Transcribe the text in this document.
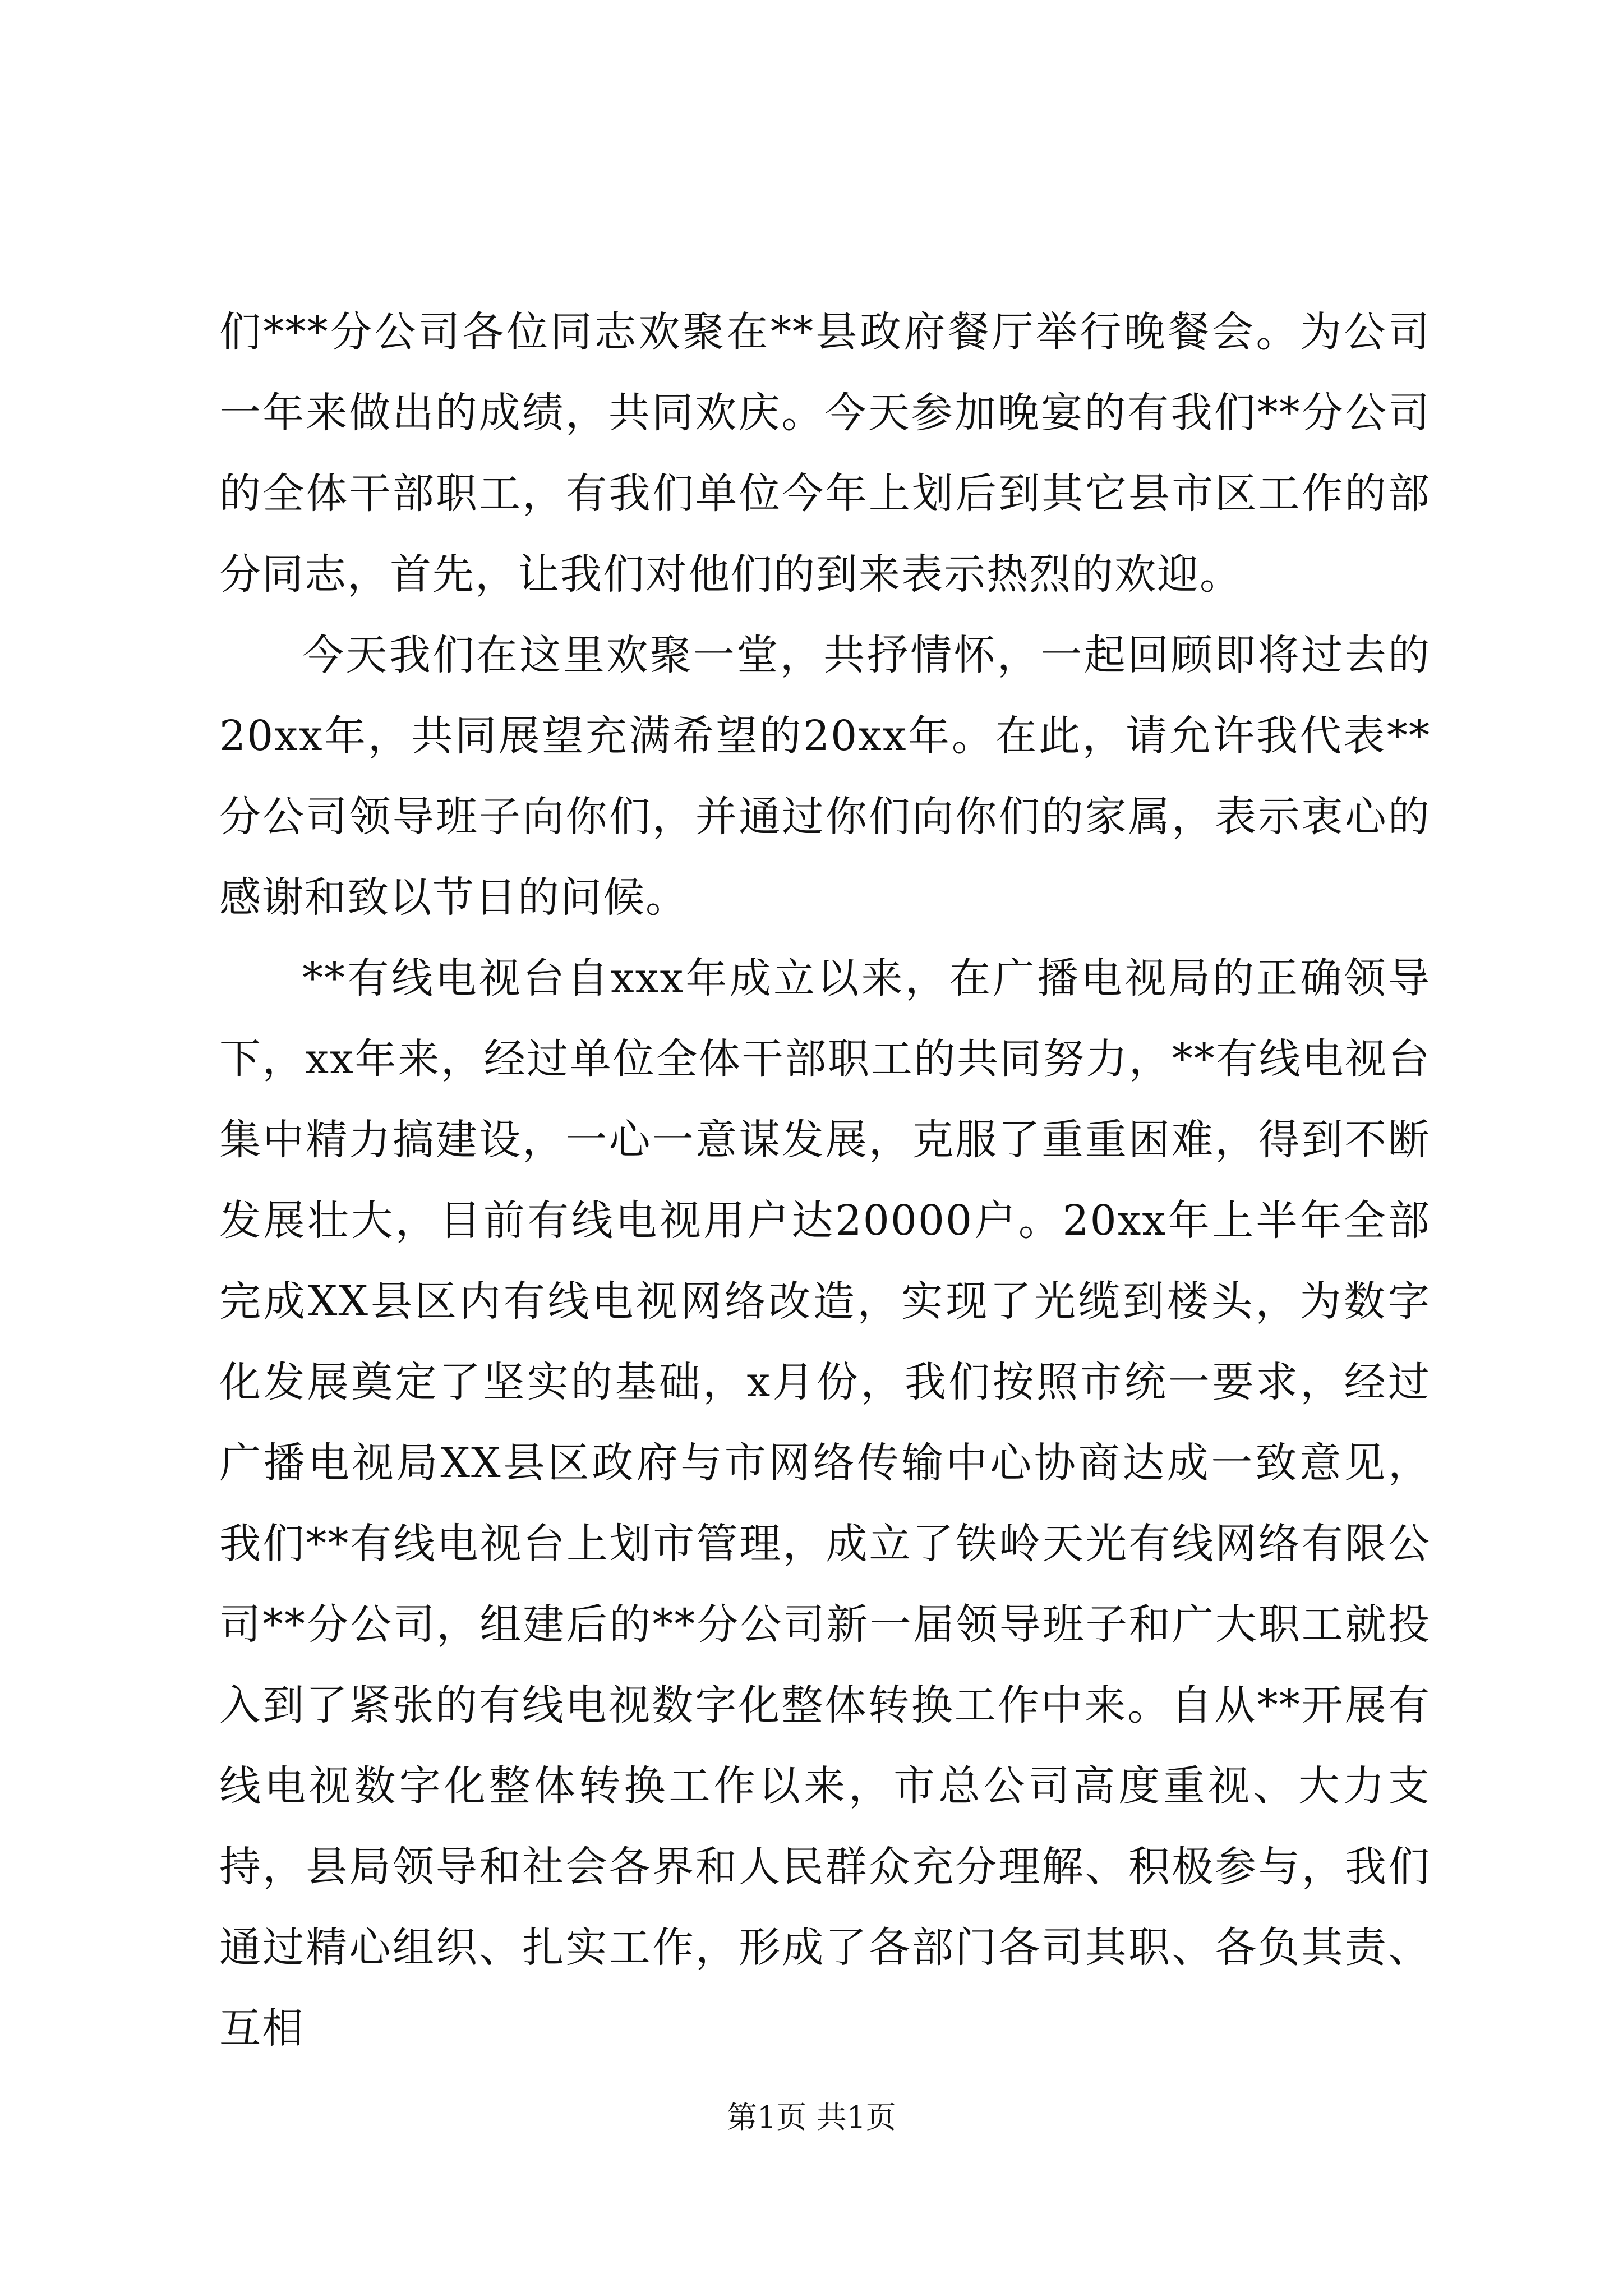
们***分公司各位同志欢聚在**县政府餐厅举行晚餐会。为公司一年来做出的成绩，共同欢庆。今天参加晚宴的有我们**分公司的全体干部职工，有我们单位今年上划后到其它县市区工作的部分同志，首先，让我们对他们的到来表示热烈的欢迎。

今天我们在这里欢聚一堂，共抒情怀，一起回顾即将过去的20xx年，共同展望充满希望的20xx年。在此，请允许我代表**分公司领导班子向你们，并通过你们向你们的家属，表示衷心的感谢和致以节日的问候。

**有线电视台自xxx年成立以来，在广播电视局的正确领导下，xx年来，经过单位全体干部职工的共同努力，**有线电视台集中精力搞建设，一心一意谋发展，克服了重重困难，得到不断发展壮大，目前有线电视用户达20000户。20xx年上半年全部完成XX县区内有线电视网络改造，实现了光缆到楼头，为数字化发展奠定了坚实的基础，x月份，我们按照市统一要求，经过广播电视局XX县区政府与市网络传输中心协商达成一致意见，我们**有线电视台上划市管理，成立了铁岭天光有线网络有限公司**分公司，组建后的**分公司新一届领导班子和广大职工就投入到了紧张的有线电视数字化整体转换工作中来。自从**开展有线电视数字化整体转换工作以来，市总公司高度重视、大力支持，县局领导和社会各界和人民群众充分理解、积极参与，我们通过精心组织、扎实工作，形成了各部门各司其职、各负其责、互相

第1页 共1页
